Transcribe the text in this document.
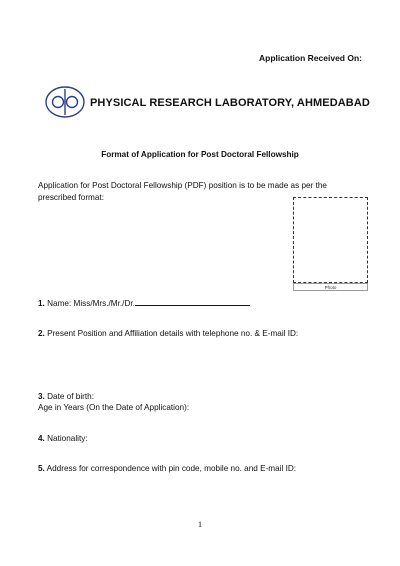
Application Received On:
PHYSICAL RESEARCH LABORATORY, AHMEDABAD
Format of Application for Post Doctoral Fellowship
Application for Post Doctoral Fellowship (PDF) position is to be made as per the prescribed format:
Photo
1. Name: Miss/Mrs./Mr./Dr.
2. Present Position and Affiliation details with telephone no. & E-mail ID:
3. Date of birth:
Age in Years (On the Date of Application):
4. Nationality:
5. Address for correspondence with pin code, mobile no. and E-mail ID:
1
